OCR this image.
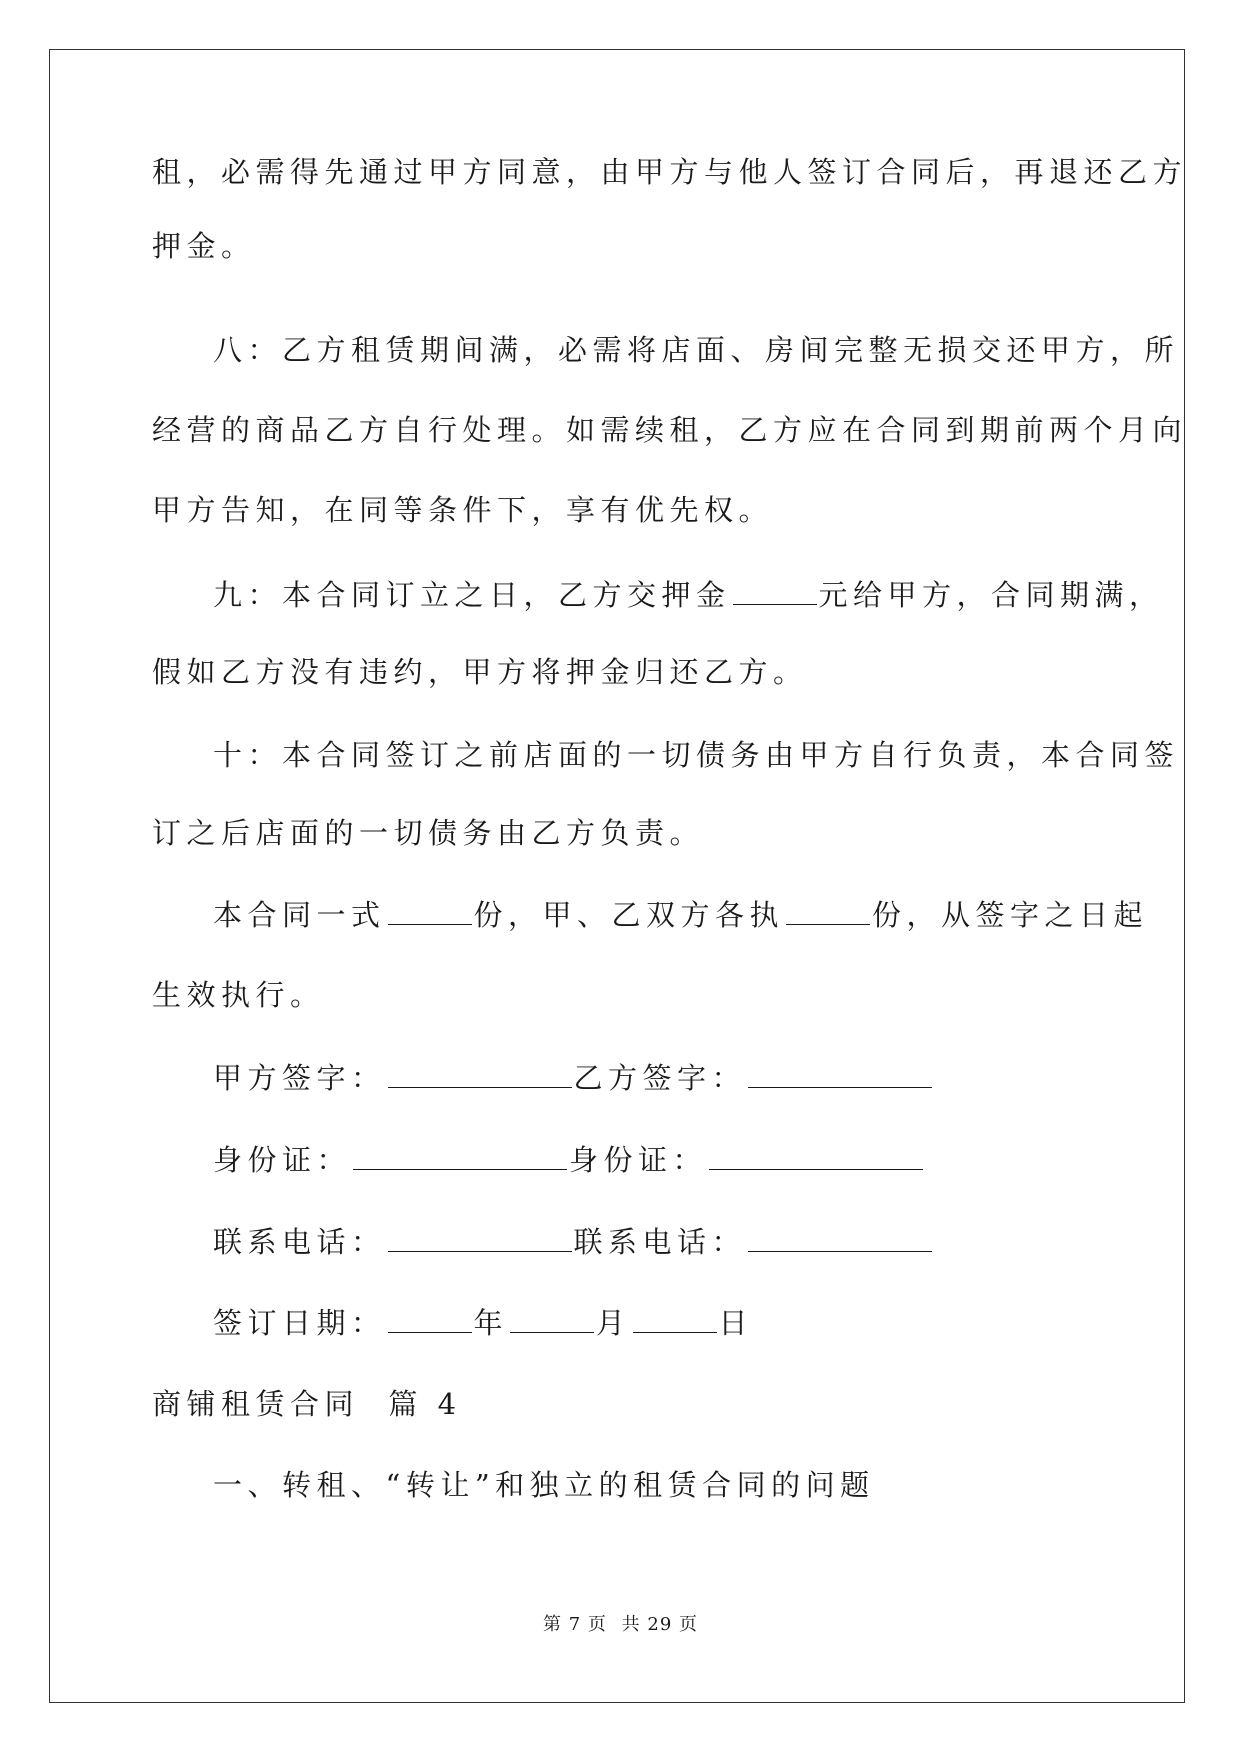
租，必需得先通过甲方同意，由甲方与他人签订合同后，再退还乙方
押金。
八：乙方租赁期间满，必需将店面、房间完整无损交还甲方，所
经营的商品乙方自行处理。如需续租，乙方应在合同到期前两个月向
甲方告知，在同等条件下，享有优先权。
九：本合同订立之日，乙方交押金	元给甲方，合同期满，
假如乙方没有违约，甲方将押金归还乙方。
十：本合同签订之前店面的一切债务由甲方自行负责，本合同签
订之后店面的一切债务由乙方负责。
本合同一式	份，甲、乙双方各执	份，从签字之日起
生效执行。
甲方签字：	乙方签字：
身份证：	身份证：
联系电话：	联系电话：
签订日期：	年	月	日
商铺租赁合同  篇 4
一、转租、“转让”和独立的租赁合同的问题
第 7 页 共 29 页
